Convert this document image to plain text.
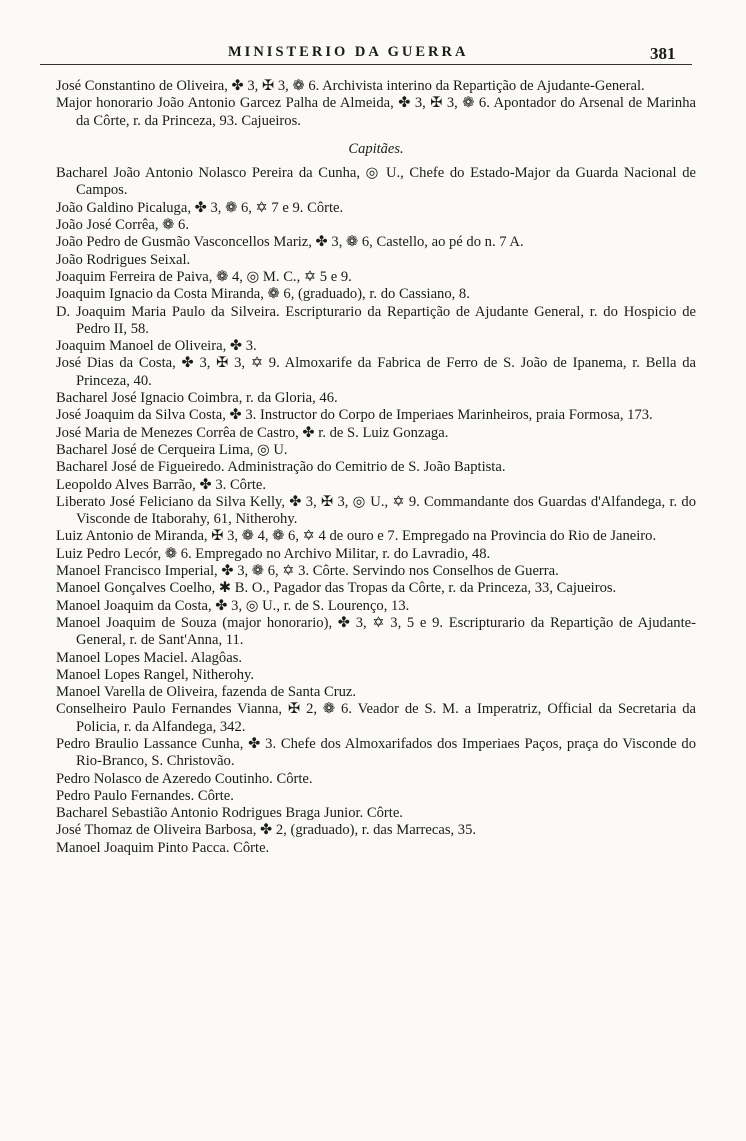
MINISTERIO DA GUERRA	381
José Constantino de Oliveira, ✤ 3, ✠ 3, ❁ 6. Archivista interino da Repartição de Ajudante-General.
Major honorario João Antonio Garcez Palha de Almeida, ✤ 3, ✠ 3, ❁ 6. Apontador do Arsenal de Marinha da Côrte, r. da Princeza, 93. Cajueiros.
Capitães.
Bacharel João Antonio Nolasco Pereira da Cunha, ◎ U., Chefe do Estado-Major da Guarda Nacional de Campos.
João Galdino Picaluga, ✤ 3, ❁ 6, ✡ 7 e 9. Côrte.
João José Corrêa, ❁ 6.
João Pedro de Gusmão Vasconcellos Mariz, ✤ 3, ❁ 6, Castello, ao pé do n. 7 A.
João Rodrigues Seixal.
Joaquim Ferreira de Paiva, ❁ 4, ◎ M. C., ✡ 5 e 9.
Joaquim Ignacio da Costa Miranda, ❁ 6, (graduado), r. do Cassiano, 8.
D. Joaquim Maria Paulo da Silveira. Escripturario da Repartição de Ajudante General, r. do Hospicio de Pedro II, 58.
Joaquim Manoel de Oliveira, ✤ 3.
José Dias da Costa, ✤ 3, ✠ 3, ✡ 9. Almoxarife da Fabrica de Ferro de S. João de Ipanema, r. Bella da Princeza, 40.
Bacharel José Ignacio Coimbra, r. da Gloria, 46.
José Joaquim da Silva Costa, ✤ 3. Instructor do Corpo de Imperiaes Marinheiros, praia Formosa, 173.
José Maria de Menezes Corrêa de Castro, ✤ r. de S. Luiz Gonzaga.
Bacharel José de Cerqueira Lima, ◎ U.
Bacharel José de Figueiredo. Administração do Cemitrio de S. João Baptista.
Leopoldo Alves Barrão, ✤ 3. Côrte.
Liberato José Feliciano da Silva Kelly, ✤ 3, ✠ 3, ◎ U., ✡ 9. Commandante dos Guardas d'Alfandega, r. do Visconde de Itaborahy, 61, Nitherohy.
Luiz Antonio de Miranda, ✠ 3, ❁ 4, ❁ 6, ✡ 4 de ouro e 7. Empregado na Provincia do Rio de Janeiro.
Luiz Pedro Lecór, ❁ 6. Empregado no Archivo Militar, r. do Lavradio, 48.
Manoel Francisco Imperial, ✤ 3, ❁ 6, ✡ 3. Côrte. Servindo nos Conselhos de Guerra.
Manoel Gonçalves Coelho, ✱ B. O., Pagador das Tropas da Côrte, r. da Princeza, 33, Cajueiros.
Manoel Joaquim da Costa, ✤ 3, ◎ U., r. de S. Lourenço, 13.
Manoel Joaquim de Souza (major honorario), ✤ 3, ✡ 3, 5 e 9. Escripturario da Repartição de Ajudante-General, r. de Sant'Anna, 11.
Manoel Lopes Maciel. Alagôas.
Manoel Lopes Rangel, Nitherohy.
Manoel Varella de Oliveira, fazenda de Santa Cruz.
Conselheiro Paulo Fernandes Vianna, ✠ 2, ❁ 6. Veador de S. M. a Imperatriz, Official da Secretaria da Policia, r. da Alfandega, 342.
Pedro Braulio Lassance Cunha, ✤ 3. Chefe dos Almoxarifados dos Imperiaes Paços, praça do Visconde do Rio-Branco, S. Christovão.
Pedro Nolasco de Azeredo Coutinho. Côrte.
Pedro Paulo Fernandes. Côrte.
Bacharel Sebastião Antonio Rodrigues Braga Junior. Côrte.
José Thomaz de Oliveira Barbosa, ✤ 2, (graduado), r. das Marrecas, 35.
Manoel Joaquim Pinto Pacca. Côrte.
